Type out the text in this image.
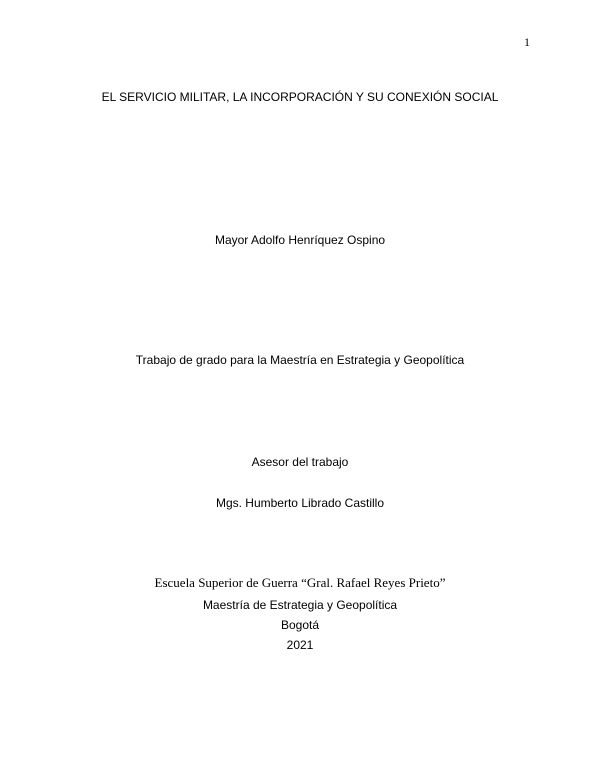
1
EL SERVICIO MILITAR, LA INCORPORACIÓN Y SU CONEXIÓN SOCIAL
Mayor Adolfo Henríquez Ospino
Trabajo de grado para la Maestría en Estrategia y Geopolítica
Asesor del trabajo
Mgs. Humberto Librado Castillo
Escuela Superior de Guerra “Gral. Rafael Reyes Prieto”
Maestría de Estrategia y Geopolítica
Bogotá
2021
